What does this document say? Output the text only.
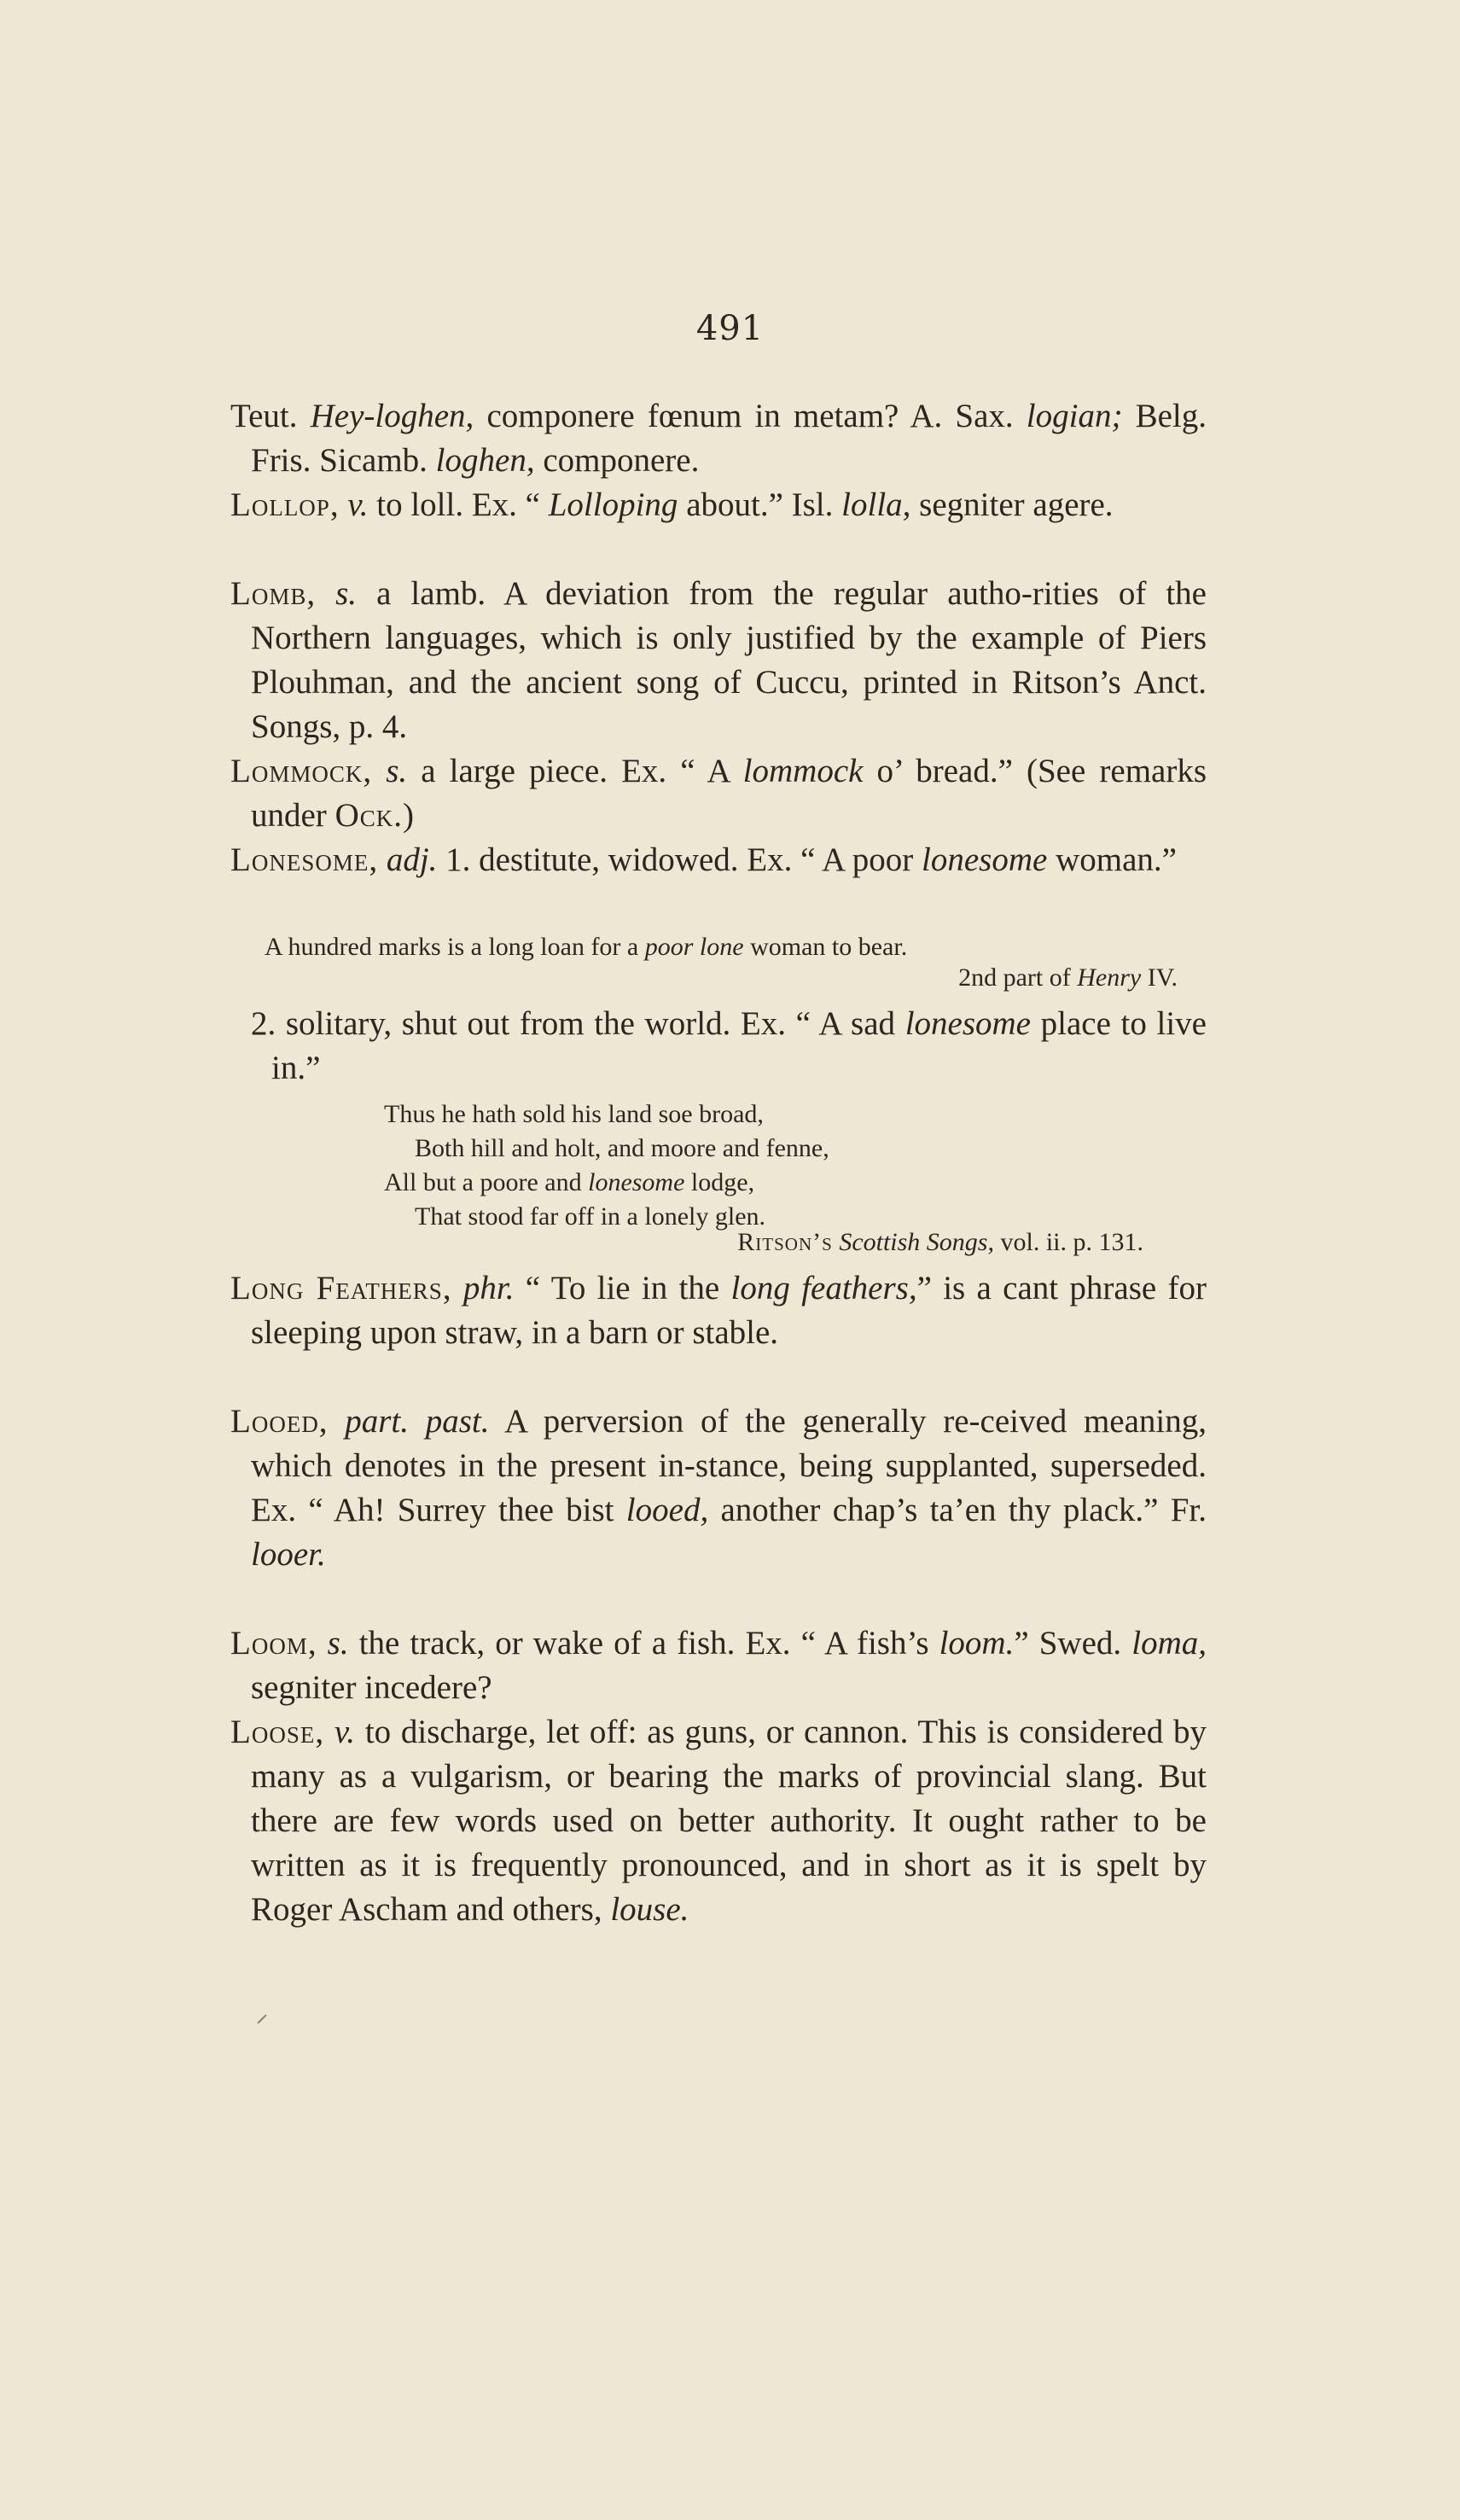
491
Teut. Hey-loghen, componere fœnum in metam? A. Sax. logian; Belg. Fris. Sicamb. loghen, componere.
Lollop, v. to loll. Ex. “ Lolloping about.” Isl. lolla, segniter agere.
Lomb, s. a lamb. A deviation from the regular autho-rities of the Northern languages, which is only justified by the example of Piers Plouhman, and the ancient song of Cuccu, printed in Ritson’s Anct. Songs, p. 4.
Lommock, s. a large piece. Ex. “ A lommock o’ bread.” (See remarks under Ock.)
Lonesome, adj. 1. destitute, widowed. Ex. “ A poor lonesome woman.”
A hundred marks is a long loan for a poor lone woman to bear.
2nd part of Henry IV.
2. solitary, shut out from the world. Ex. “ A sad lonesome place to live in.”
Thus he hath sold his land soe broad,
Both hill and holt, and moore and fenne,
All but a poore and lonesome lodge,
That stood far off in a lonely glen.
Ritson’s Scottish Songs, vol. ii. p. 131.
Long Feathers, phr. “ To lie in the long feathers,” is a cant phrase for sleeping upon straw, in a barn or stable.
Looed, part. past. A perversion of the generally re-ceived meaning, which denotes in the present in-stance, being supplanted, superseded. Ex. “ Ah! Surrey thee bist looed, another chap’s ta’en thy plack.” Fr. looer.
Loom, s. the track, or wake of a fish. Ex. “ A fish’s loom.” Swed. loma, segniter incedere?
Loose, v. to discharge, let off: as guns, or cannon. This is considered by many as a vulgarism, or bearing the marks of provincial slang. But there are few words used on better authority. It ought rather to be written as it is frequently pronounced, and in short as it is spelt by Roger Ascham and others, louse.
